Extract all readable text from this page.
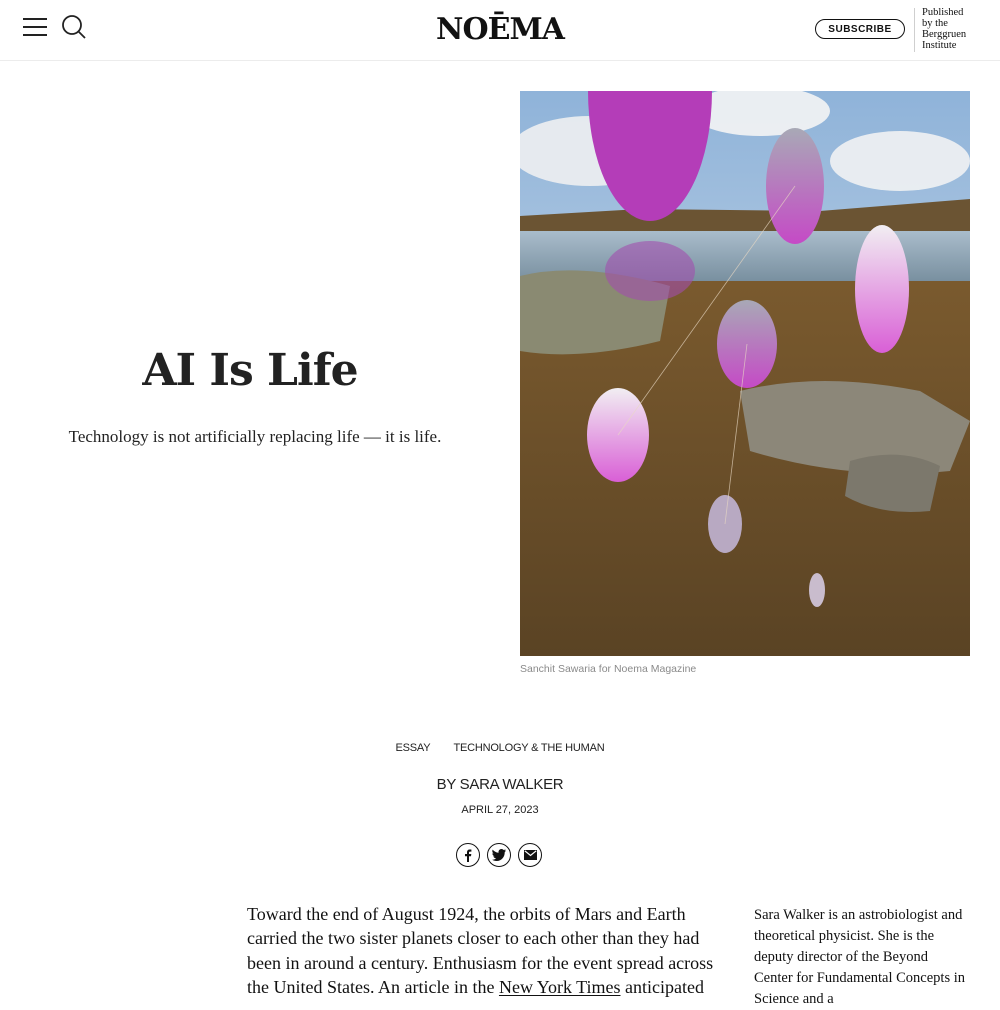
NOĒMA	SUBSCRIBE
Published
by the
Berggruen
Institute
AI Is Life

Technology is not artificially replacing life — it is life.

Sanchit Sawaria for Noema Magazine
ESSAY TECHNOLOGY & THE HUMAN
BY SARA WALKER
APRIL 27, 2023

Toward the end of August 1924, the orbits of Mars and Earth carried the two sister planets closer to each other than they had been in around a century. Enthusiasm for the event spread across the United States. An article in the New York Times anticipated

Sara Walker is an astrobiologist and theoretical physicist. She is the deputy director of the Beyond Center for Fundamental Concepts in Science and a
